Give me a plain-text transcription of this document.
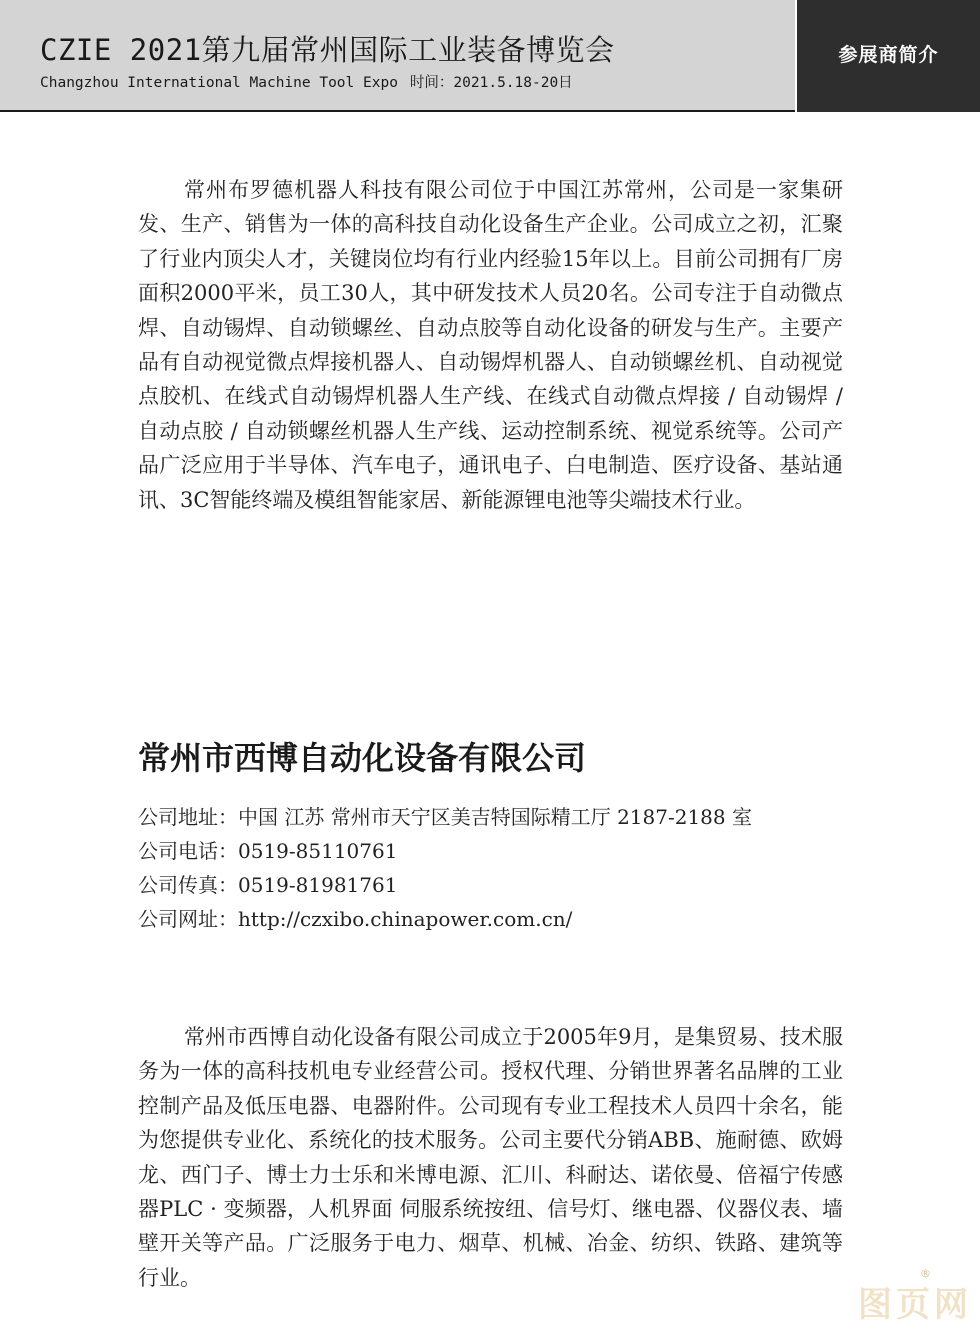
CZIE 2021第九届常州国际工业装备博览会
Changzhou International Machine Tool Expo 时间：2021.5.18-20日
参展商简介

常州布罗德机器人科技有限公司位于中国江苏常州，公司是一家集研发、生产、销售为一体的高科技自动化设备生产企业。公司成立之初，汇聚了行业内顶尖人才，关键岗位均有行业内经验15年以上。目前公司拥有厂房面积2000平米，员工30人，其中研发技术人员20名。公司专注于自动微点焊、自动锡焊、自动锁螺丝、自动点胶等自动化设备的研发与生产。主要产品有自动视觉微点焊接机器人、自动锡焊机器人、自动锁螺丝机、自动视觉点胶机、在线式自动锡焊机器人生产线、在线式自动微点焊接 / 自动锡焊 / 自动点胶 / 自动锁螺丝机器人生产线、运动控制系统、视觉系统等。公司产品广泛应用于半导体、汽车电子，通讯电子、白电制造、医疗设备、基站通讯、3C智能终端及模组智能家居、新能源锂电池等尖端技术行业。

常州市西博自动化设备有限公司

公司地址：中国 江苏 常州市天宁区美吉特国际精工厅 2187-2188 室

公司电话：0519-85110761

公司传真：0519-81981761

公司网址：http://czxibo.chinapower.com.cn/

常州市西博自动化设备有限公司成立于2005年9月，是集贸易、技术服务为一体的高科技机电专业经营公司。授权代理、分销世界著名品牌的工业控制产品及低压电器、电器附件。公司现有专业工程技术人员四十余名，能为您提供专业化、系统化的技术服务。公司主要代分销ABB、施耐德、欧姆龙、西门子、博士力士乐和米博电源、汇川、科耐达、诺依曼、倍福宁传感器PLC · 变频器，人机界面 伺服系统按纽、信号灯、继电器、仪器仪表、墙壁开关等产品。广泛服务于电力、烟草、机械、冶金、纺织、铁路、建筑等行业。

图页网
®
